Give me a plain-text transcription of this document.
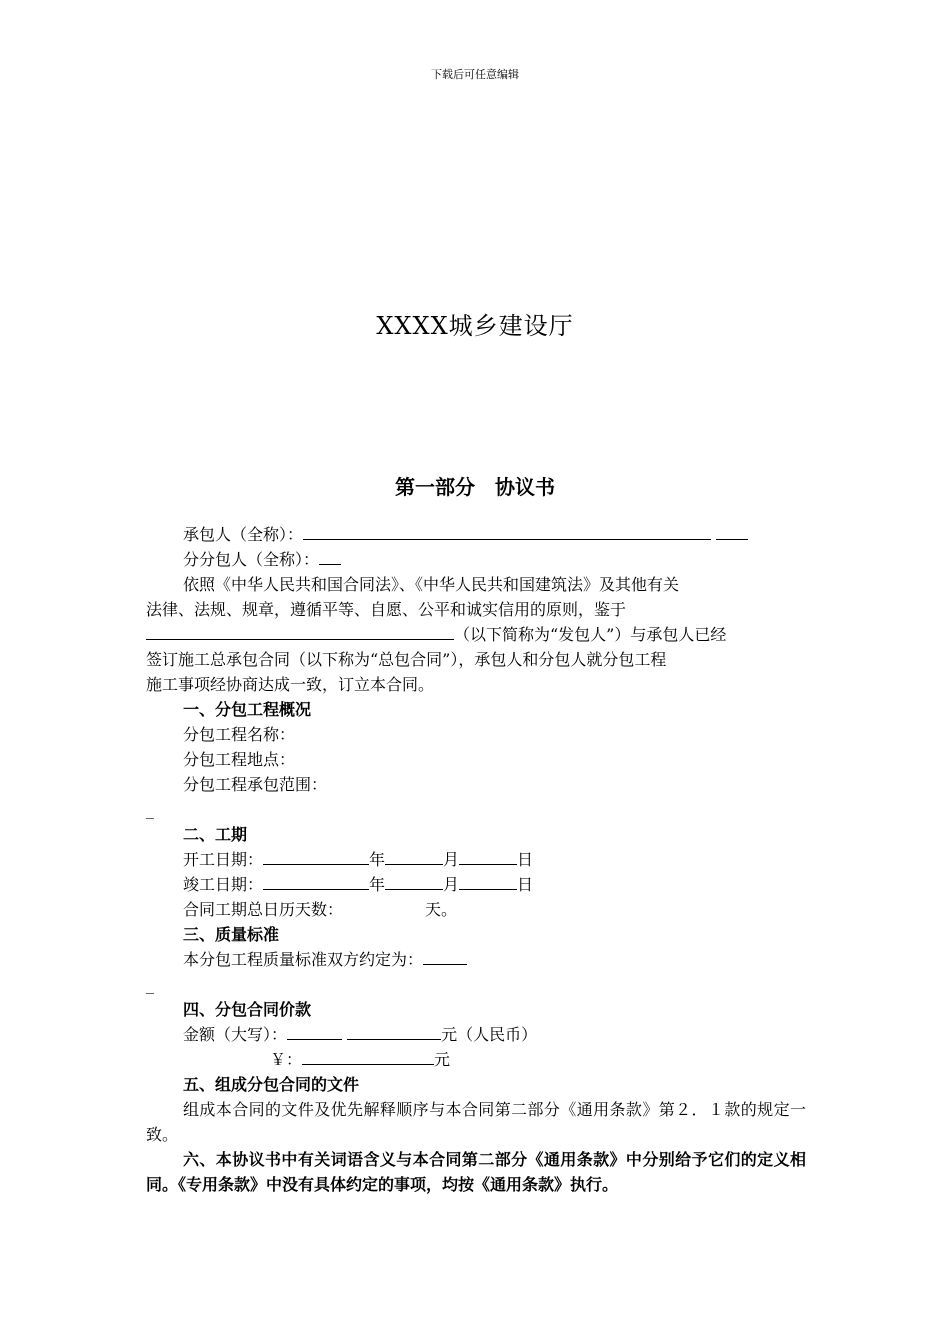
下载后可任意编辑
XXXX城乡建设厅
第一部分　协议书
承包人（全称）：
分分包人（全称）：
依照《中华人民共和国合同法》、《中华人民共和国建筑法》及其他有关
法律、法规、规章，遵循平等、自愿、公平和诚实信用的原则，鉴于
（以下简称为“发包人”）与承包人已经
签订施工总承包合同（以下称为“总包合同”），承包人和分包人就分包工程
施工事项经协商达成一致，订立本合同。
一、分包工程概况
分包工程名称：
分包工程地点：
分包工程承包范围：
_
二、工期
开工日期：	年	月	日
竣工日期：	年	月	日
合同工期总日历天数：	天。
三、质量标准
本分包工程质量标准双方约定为：
_
四、分包合同价款
金额（大写）：	元（人民币）
￥：	元
五、组成分包合同的文件
组成本合同的文件及优先解释顺序与本合同第二部分《通用条款》第２．１款的规定一致。
六、本协议书中有关词语含义与本合同第二部分《通用条款》中分别给予它们的定义相同。《专用条款》中没有具体约定的事项，均按《通用条款》执行。
